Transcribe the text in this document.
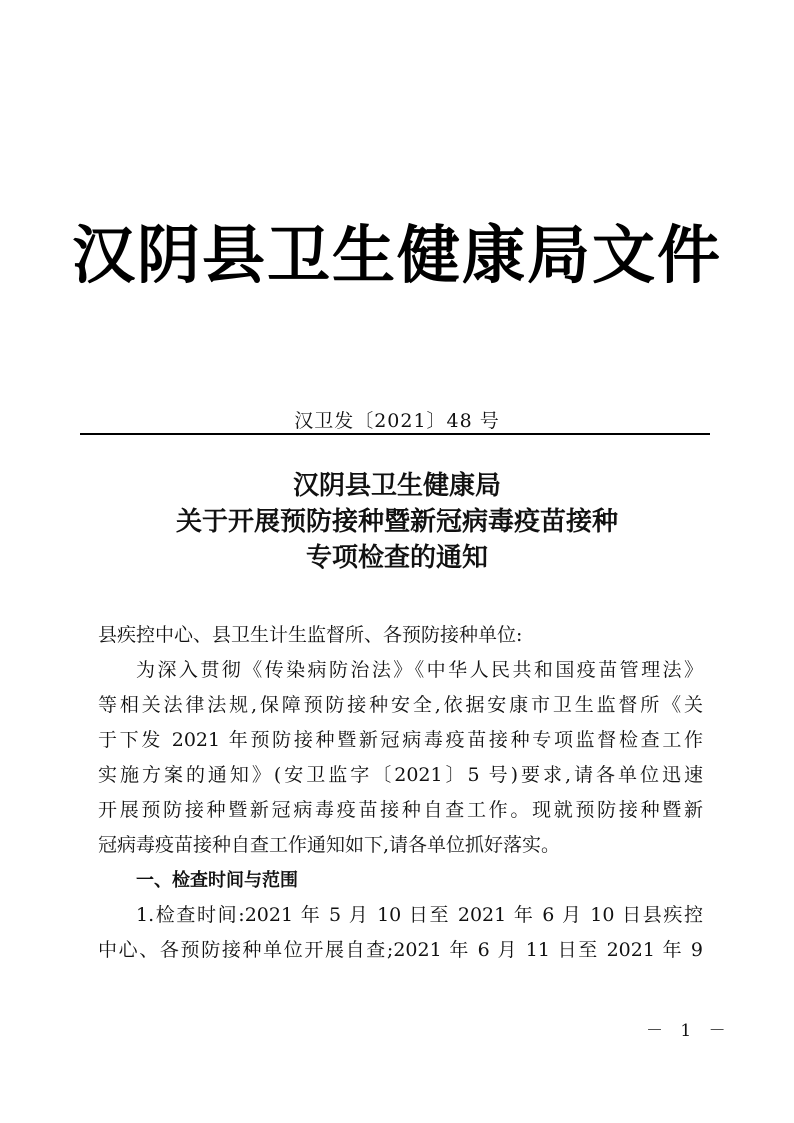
汉阴县卫生健康局文件
汉卫发〔2021〕48 号
汉阴县卫生健康局
关于开展预防接种暨新冠病毒疫苗接种
专项检查的通知
县疾控中心、县卫生计生监督所、各预防接种单位:
为深入贯彻《传染病防治法》《中华人民共和国疫苗管理法》
等相关法律法规,保障预防接种安全,依据安康市卫生监督所《关
于下发 2021 年预防接种暨新冠病毒疫苗接种专项监督检查工作
实施方案的通知》(安卫监字〔2021〕5 号)要求,请各单位迅速
开展预防接种暨新冠病毒疫苗接种自查工作。现就预防接种暨新
冠病毒疫苗接种自查工作通知如下,请各单位抓好落实。
一、检查时间与范围
1.检查时间:2021 年 5 月 10 日至 2021 年 6 月 10 日县疾控
中心、各预防接种单位开展自查;2021 年 6 月 11 日至 2021 年 9
－ 1 －
